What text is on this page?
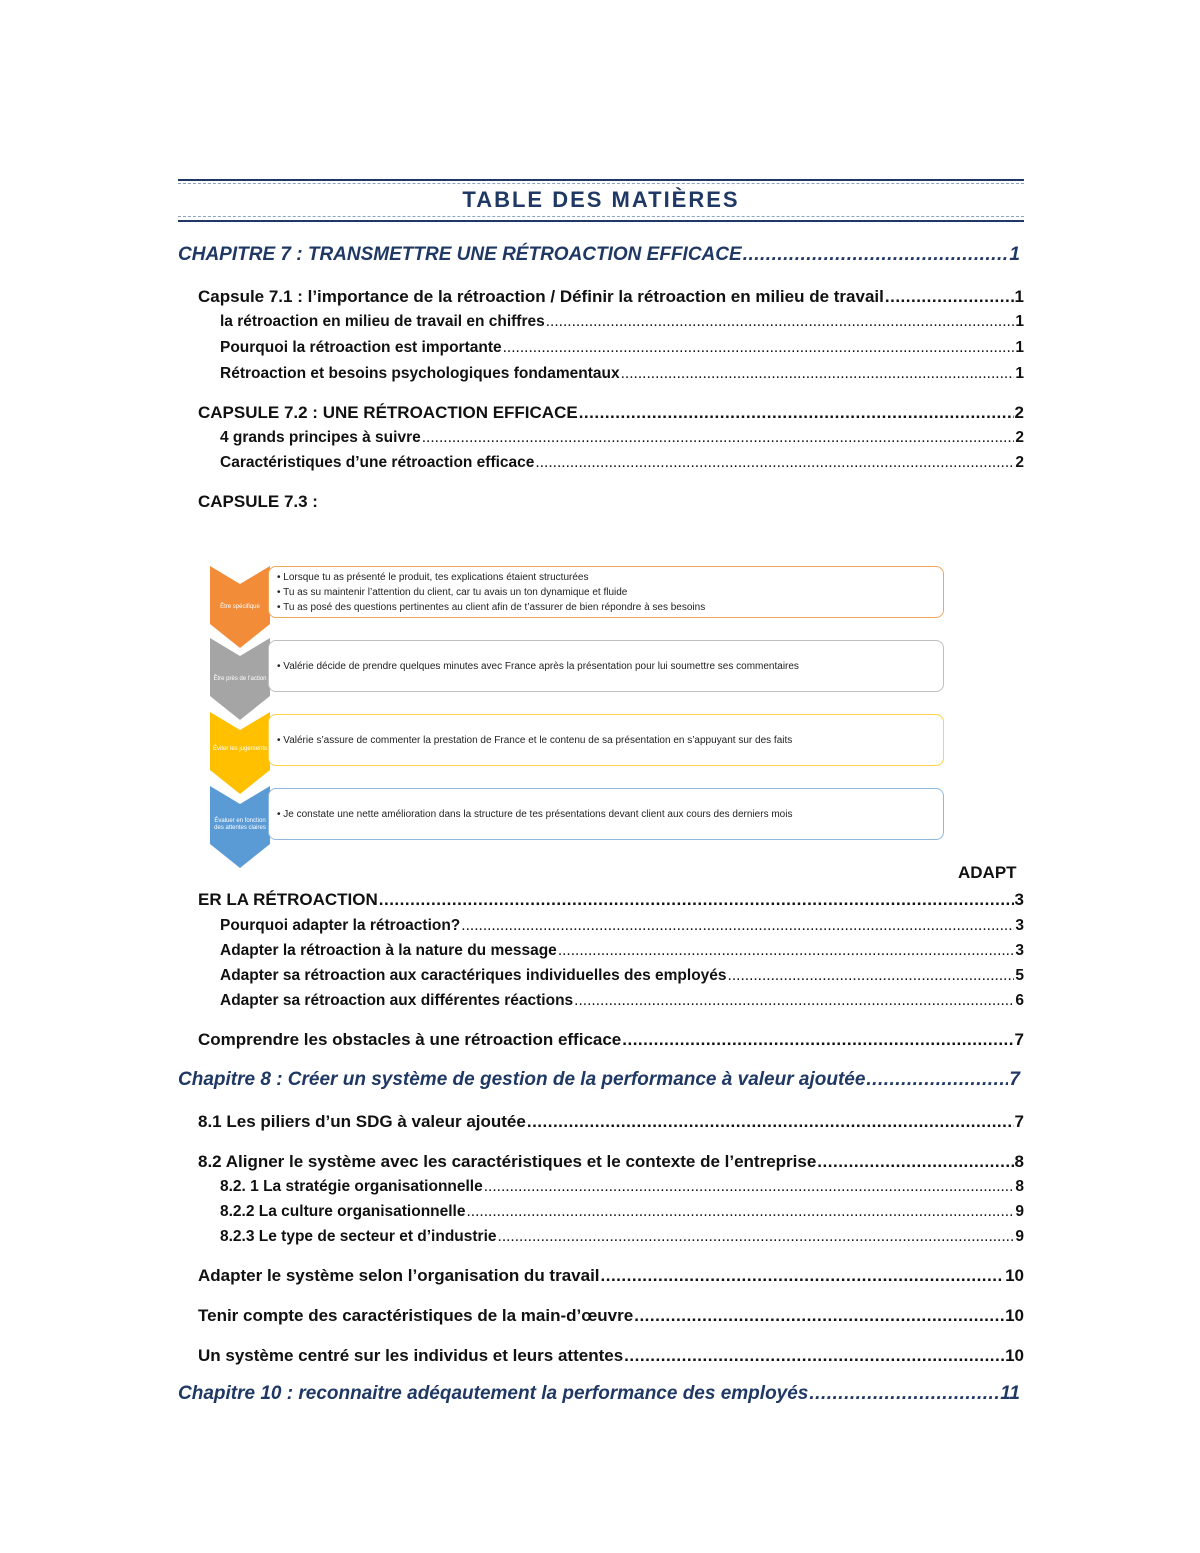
TABLE DES MATIÈRES
CHAPITRE 7 : TRANSMETTRE UNE RÉTROACTION EFFICACE .....	1
Capsule 7.1 : l’importance de la rétroaction / Définir la rétroaction en milieu de travail .....	1
la rétroaction en milieu de travail en chiffres .....	1
Pourquoi la rétroaction est importante .....	1
Rétroaction et besoins psychologiques fondamentaux .....	1
CAPSULE 7.2 : UNE RÉTROACTION EFFICACE .....	2
4 grands principes à suivre .....	2
Caractéristiques d’une rétroaction efficace .....	2
CAPSULE 7.3 :
Être spécifique
• Lorsque tu as présenté le produit, tes explications étaient structurées
• Tu as su maintenir l’attention du client, car tu avais un ton dynamique et fluide
• Tu as posé des questions pertinentes au client afin de t’assurer de bien répondre à ses besoins
Être près de l’action
• Valérie décide de prendre quelques minutes avec France après la présentation pour lui soumettre ses commentaires
Éviter les jugements
• Valérie s’assure de commenter la prestation de France et le contenu de sa présentation en s’appuyant sur des faits
Évaluer en fonction des attentes claires
• Je constate une nette amélioration dans la structure de tes présentations devant client aux cours des derniers mois
ADAPT
ER LA RÉTROACTION .....	3
Pourquoi adapter la rétroaction? .....	3
Adapter la rétroaction à la nature du message .....	3
Adapter sa rétroaction aux caractériques individuelles des employés .....	5
Adapter sa rétroaction aux différentes réactions .....	6
Comprendre les obstacles à une rétroaction efficace .....	7
Chapitre 8 : Créer un système de gestion de la performance à valeur ajoutée .....	7
8.1 Les piliers d’un SDG à valeur ajoutée .....	7
8.2 Aligner le système avec les caractéristiques et le contexte de l’entreprise .....	8
8.2. 1 La stratégie organisationnelle .....	8
8.2.2 La culture organisationnelle .....	9
8.2.3 Le type de secteur et d’industrie .....	9
Adapter le système selon l’organisation du travail .....	10
Tenir compte des caractéristiques de la main-d’œuvre .....	10
Un système centré sur les individus et leurs attentes .....	10
Chapitre 10 : reconnaitre adéqautement la performance des employés .....	11
